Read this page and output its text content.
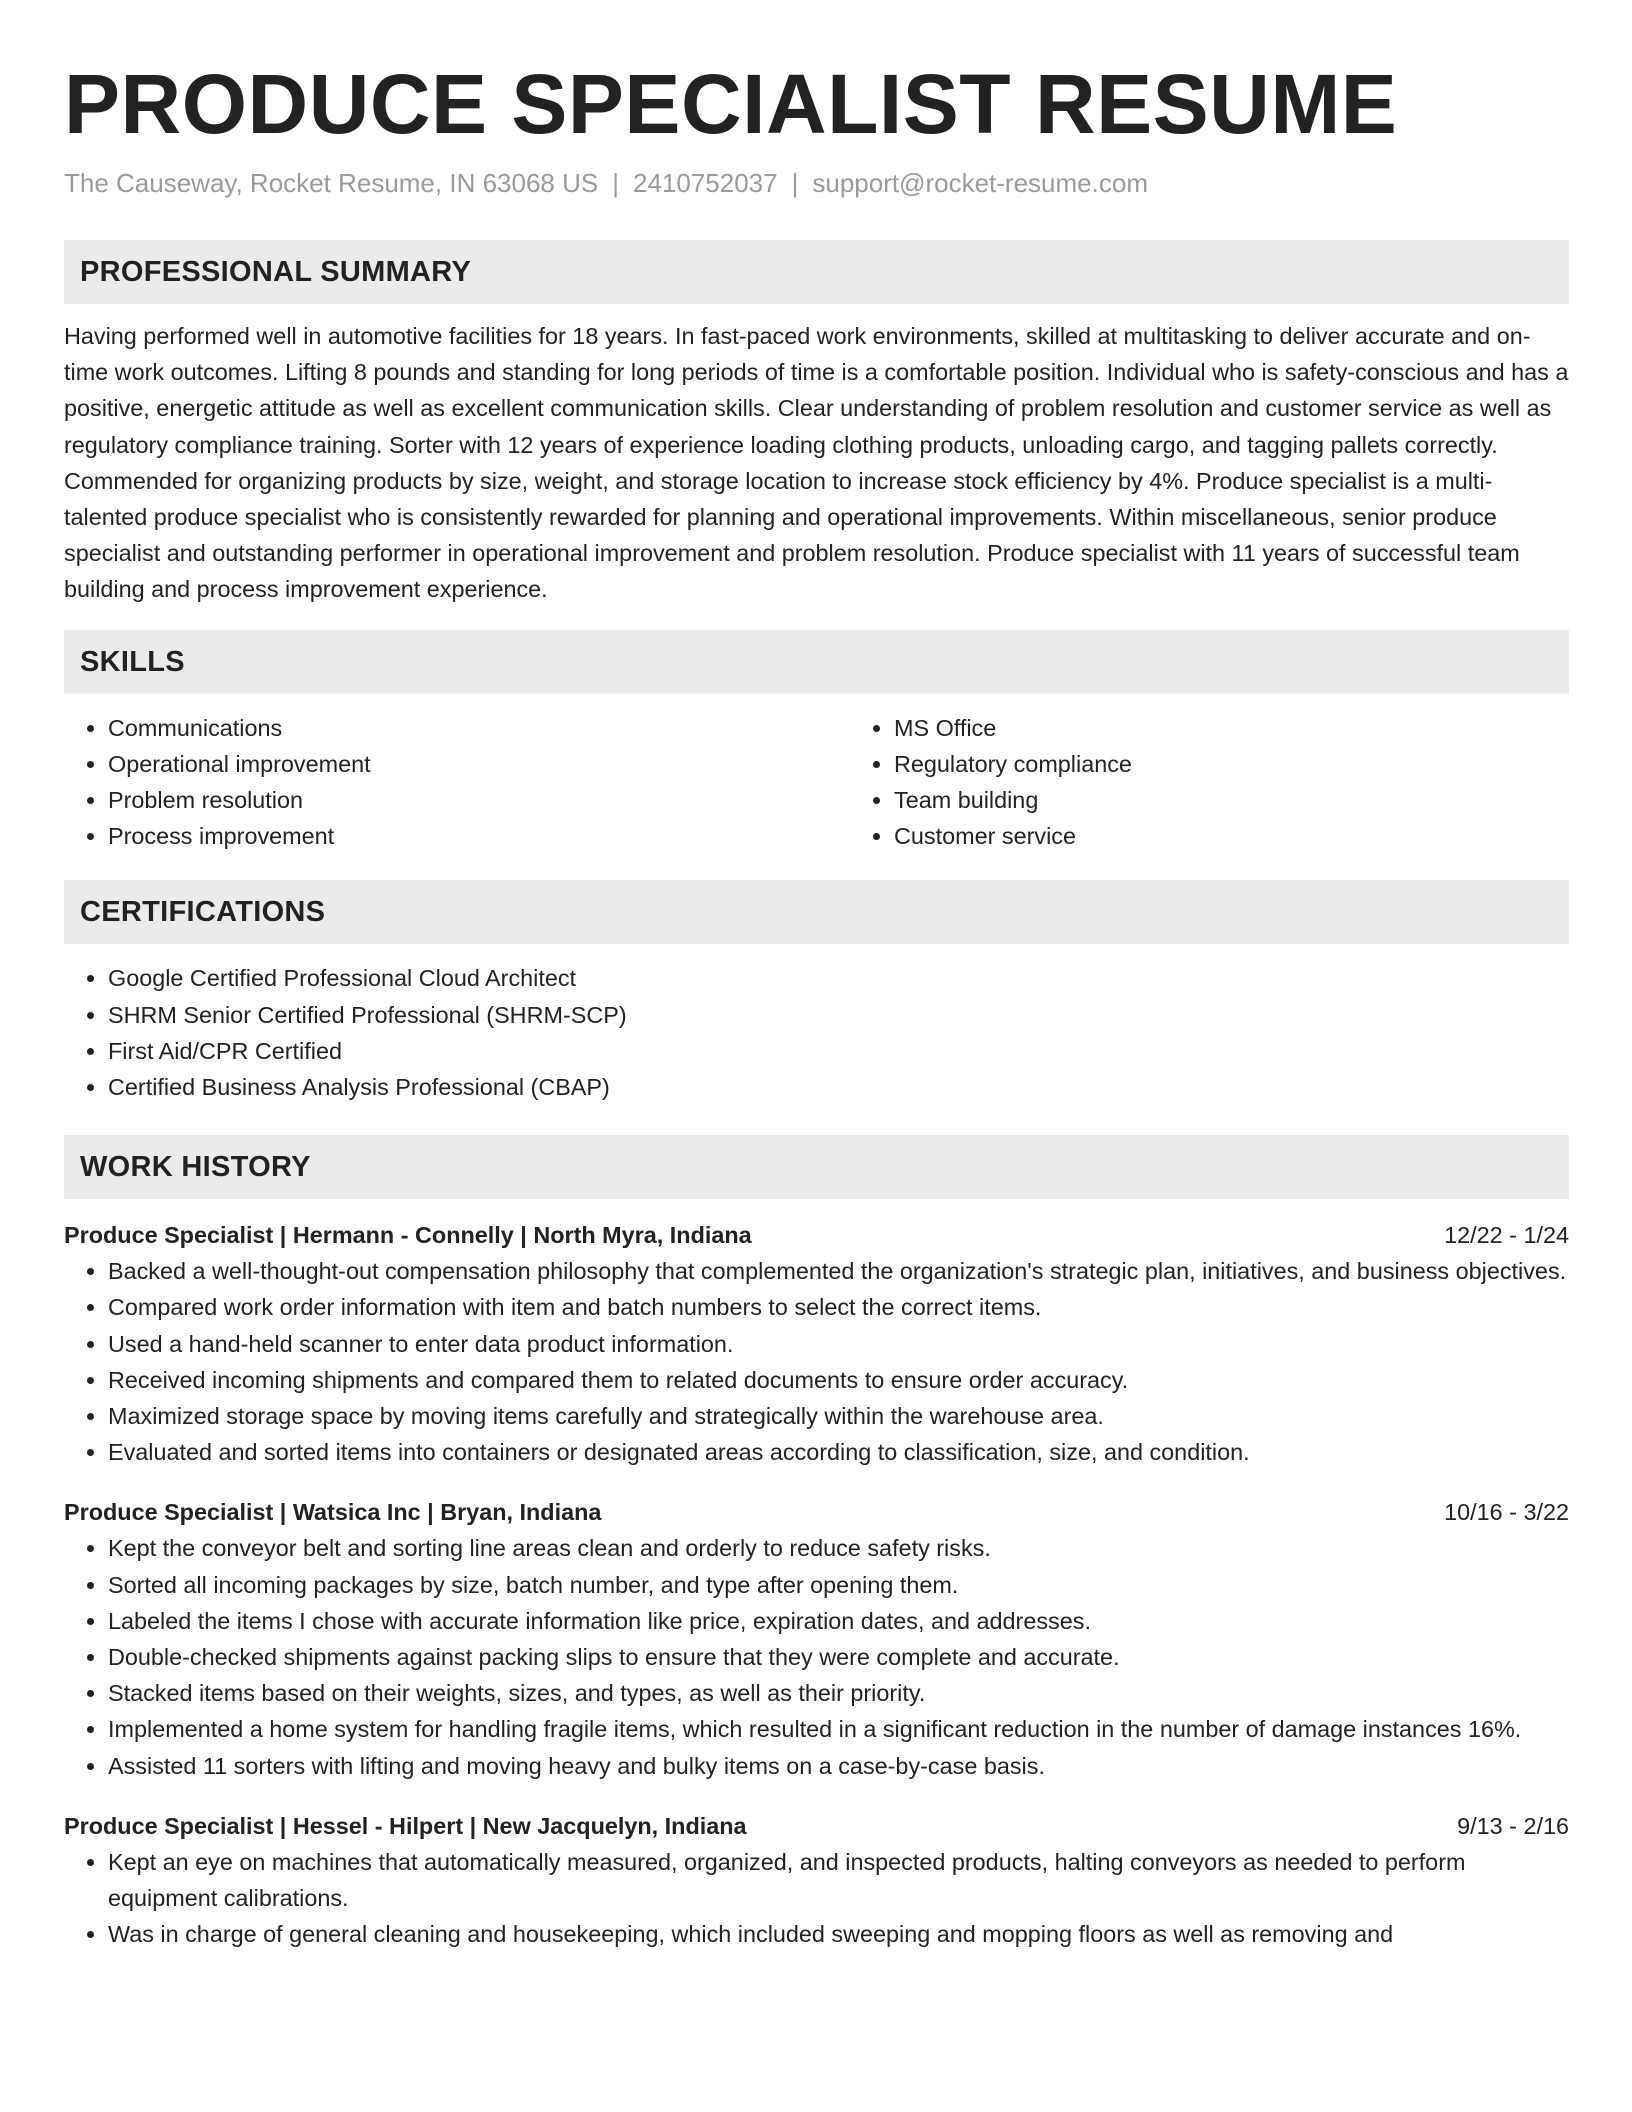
PRODUCE SPECIALIST RESUME
The Causeway, Rocket Resume, IN 63068 US | 2410752037 | support@rocket-resume.com
PROFESSIONAL SUMMARY
Having performed well in automotive facilities for 18 years. In fast-paced work environments, skilled at multitasking to deliver accurate and on-time work outcomes. Lifting 8 pounds and standing for long periods of time is a comfortable position. Individual who is safety-conscious and has a positive, energetic attitude as well as excellent communication skills. Clear understanding of problem resolution and customer service as well as regulatory compliance training. Sorter with 12 years of experience loading clothing products, unloading cargo, and tagging pallets correctly. Commended for organizing products by size, weight, and storage location to increase stock efficiency by 4%. Produce specialist is a multi-talented produce specialist who is consistently rewarded for planning and operational improvements. Within miscellaneous, senior produce specialist and outstanding performer in operational improvement and problem resolution. Produce specialist with 11 years of successful team building and process improvement experience.
SKILLS
• Communications
• Operational improvement
• Problem resolution
• Process improvement
• MS Office
• Regulatory compliance
• Team building
• Customer service
CERTIFICATIONS
• Google Certified Professional Cloud Architect
• SHRM Senior Certified Professional (SHRM-SCP)
• First Aid/CPR Certified
• Certified Business Analysis Professional (CBAP)
WORK HISTORY
Produce Specialist | Hermann - Connelly | North Myra, Indiana	12/22 - 1/24
• Backed a well-thought-out compensation philosophy that complemented the organization's strategic plan, initiatives, and business objectives.
• Compared work order information with item and batch numbers to select the correct items.
• Used a hand-held scanner to enter data product information.
• Received incoming shipments and compared them to related documents to ensure order accuracy.
• Maximized storage space by moving items carefully and strategically within the warehouse area.
• Evaluated and sorted items into containers or designated areas according to classification, size, and condition.
Produce Specialist | Watsica Inc | Bryan, Indiana	10/16 - 3/22
• Kept the conveyor belt and sorting line areas clean and orderly to reduce safety risks.
• Sorted all incoming packages by size, batch number, and type after opening them.
• Labeled the items I chose with accurate information like price, expiration dates, and addresses.
• Double-checked shipments against packing slips to ensure that they were complete and accurate.
• Stacked items based on their weights, sizes, and types, as well as their priority.
• Implemented a home system for handling fragile items, which resulted in a significant reduction in the number of damage instances 16%.
• Assisted 11 sorters with lifting and moving heavy and bulky items on a case-by-case basis.
Produce Specialist | Hessel - Hilpert | New Jacquelyn, Indiana	9/13 - 2/16
• Kept an eye on machines that automatically measured, organized, and inspected products, halting conveyors as needed to perform equipment calibrations.
• Was in charge of general cleaning and housekeeping, which included sweeping and mopping floors as well as removing and
